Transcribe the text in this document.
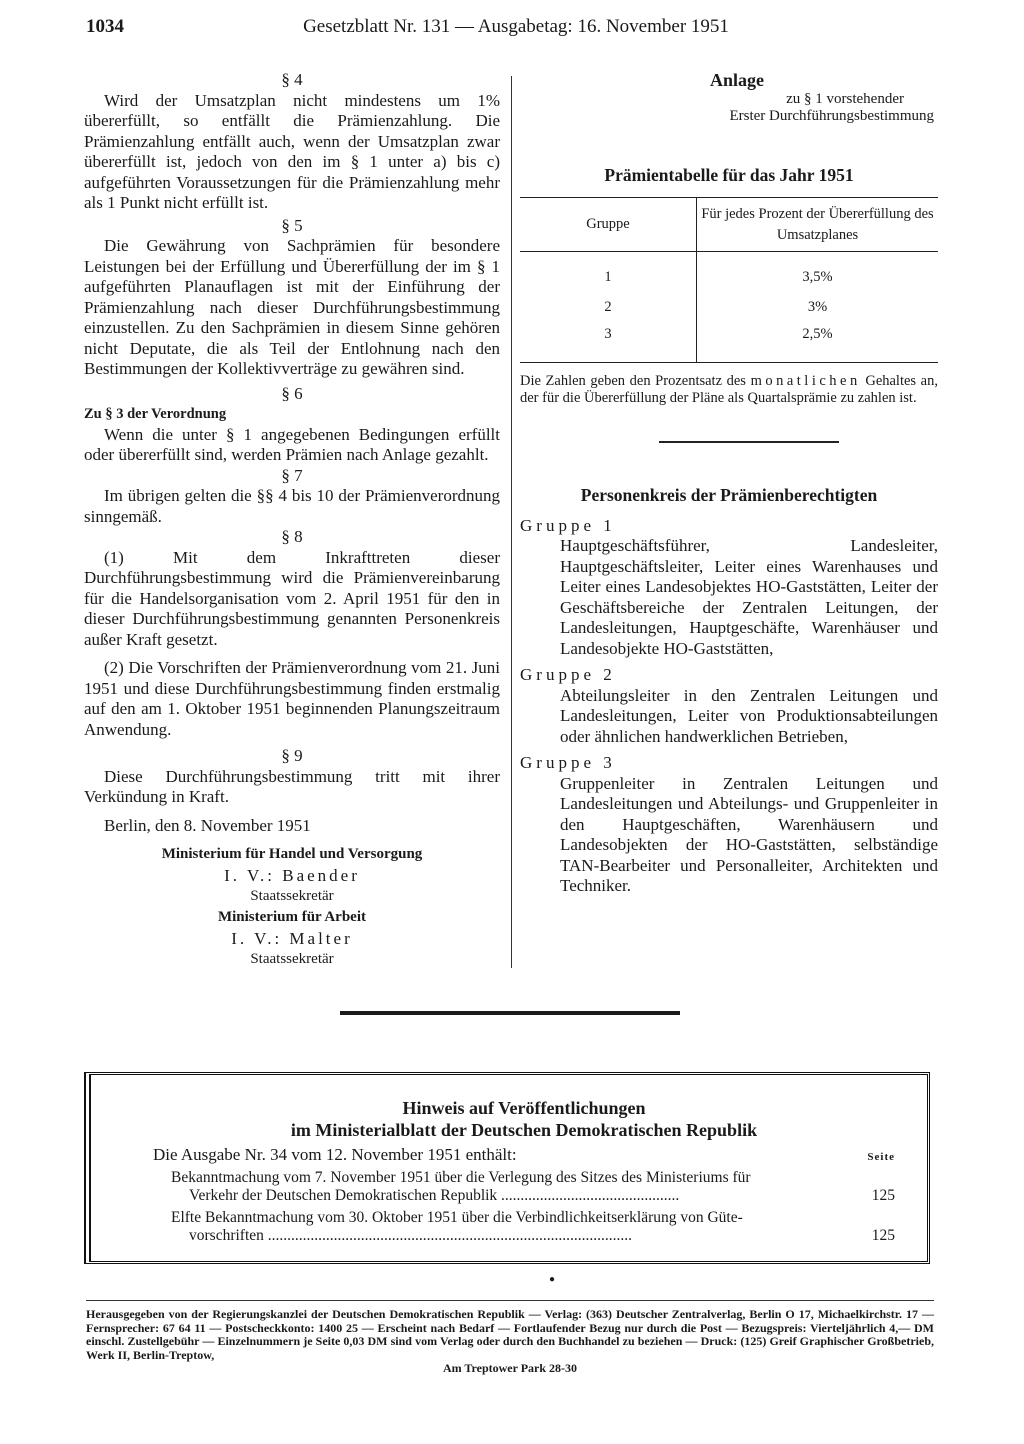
1034	Gesetzblatt Nr. 131 — Ausgabetag: 16. November 1951

§ 4

Wird der Umsatzplan nicht mindestens um 1% übererfüllt, so entfällt die Prämienzahlung. Die Prämienzahlung entfällt auch, wenn der Umsatzplan zwar übererfüllt ist, jedoch von den im § 1 unter a) bis c) aufgeführten Voraussetzungen für die Prämienzahlung mehr als 1 Punkt nicht erfüllt ist.

§ 5

Die Gewährung von Sachprämien für besondere Leistungen bei der Erfüllung und Übererfüllung der im § 1 aufgeführten Planauflagen ist mit der Einführung der Prämienzahlung nach dieser Durchführungsbestimmung einzustellen. Zu den Sachprämien in diesem Sinne gehören nicht Deputate, die als Teil der Entlohnung nach den Bestimmungen der Kollektivverträge zu gewähren sind.

§ 6

Zu § 3 der Verordnung

Wenn die unter § 1 angegebenen Bedingungen erfüllt oder übererfüllt sind, werden Prämien nach Anlage gezahlt.

§ 7

Im übrigen gelten die §§ 4 bis 10 der Prämienverordnung sinngemäß.

§ 8

(1) Mit dem Inkrafttreten dieser Durchführungsbestimmung wird die Prämienvereinbarung für die Handelsorganisation vom 2. April 1951 für den in dieser Durchführungsbestimmung genannten Personenkreis außer Kraft gesetzt.

(2) Die Vorschriften der Prämienverordnung vom 21. Juni 1951 und diese Durchführungsbestimmung finden erstmalig auf den am 1. Oktober 1951 beginnenden Planungszeitraum Anwendung.

§ 9

Diese Durchführungsbestimmung tritt mit ihrer Verkündung in Kraft.

Berlin, den 8. November 1951

Ministerium für Handel und Versorgung

I. V.: Baender

Staatssekretär

Ministerium für Arbeit

I. V.: Malter

Staatssekretär

Anlage

zu § 1 vorstehender

Erster Durchführungsbestimmung

Prämientabelle für das Jahr 1951

Gruppe	Für jedes Prozent der Übererfüllung des Umsatzplanes
1	3,5%
2	3%
3	2,5%

Die Zahlen geben den Prozentsatz des monatlichen Gehaltes an, der für die Übererfüllung der Pläne als Quartalsprämie zu zahlen ist.

Personenkreis der Prämienberechtigten

Gruppe 1

Hauptgeschäftsführer, Landesleiter, Hauptgeschäftsleiter, Leiter eines Warenhauses und Leiter eines Landesobjektes HO-Gaststätten, Leiter der Geschäftsbereiche der Zentralen Leitungen, der Landesleitungen, Hauptgeschäfte, Warenhäuser und Landesobjekte HO-Gaststätten,

Gruppe 2

Abteilungsleiter in den Zentralen Leitungen und Landesleitungen, Leiter von Produktionsabteilungen oder ähnlichen handwerklichen Betrieben,

Gruppe 3

Gruppenleiter in Zentralen Leitungen und Landesleitungen und Abteilungs- und Gruppenleiter in den Hauptgeschäften, Warenhäusern und Landesobjekten der HO-Gaststätten, selbständige TAN-Bearbeiter und Personalleiter, Architekten und Techniker.

Hinweis auf Veröffentlichungen

im Ministerialblatt der Deutschen Demokratischen Republik

Die Ausgabe Nr. 34 vom 12. November 1951 enthält:	Seite
Bekanntmachung vom 7. November 1951 über die Verlegung des Sitzes des Ministeriums für
Verkehr der Deutschen Demokratischen Republik ..............................................	125
Elfte Bekanntmachung vom 30. Oktober 1951 über die Verbindlichkeitserklärung von Güte-
vorschriften ..............................................................................................	125
●
Herausgegeben von der Regierungskanzlei der Deutschen Demokratischen Republik — Verlag: (363) Deutscher Zentralverlag, Berlin O 17, Michaelkirchstr. 17 — Fernsprecher: 67 64 11 — Postscheckkonto: 1400 25 — Erscheint nach Bedarf — Fortlaufender Bezug nur durch die Post — Bezugspreis: Vierteljährlich 4,— DM einschl. Zustellgebühr — Einzelnummern je Seite 0,03 DM sind vom Verlag oder durch den Buchhandel zu beziehen — Druck: (125) Greif Graphischer Großbetrieb, Werk II, Berlin-Treptow,
Am Treptower Park 28-30
